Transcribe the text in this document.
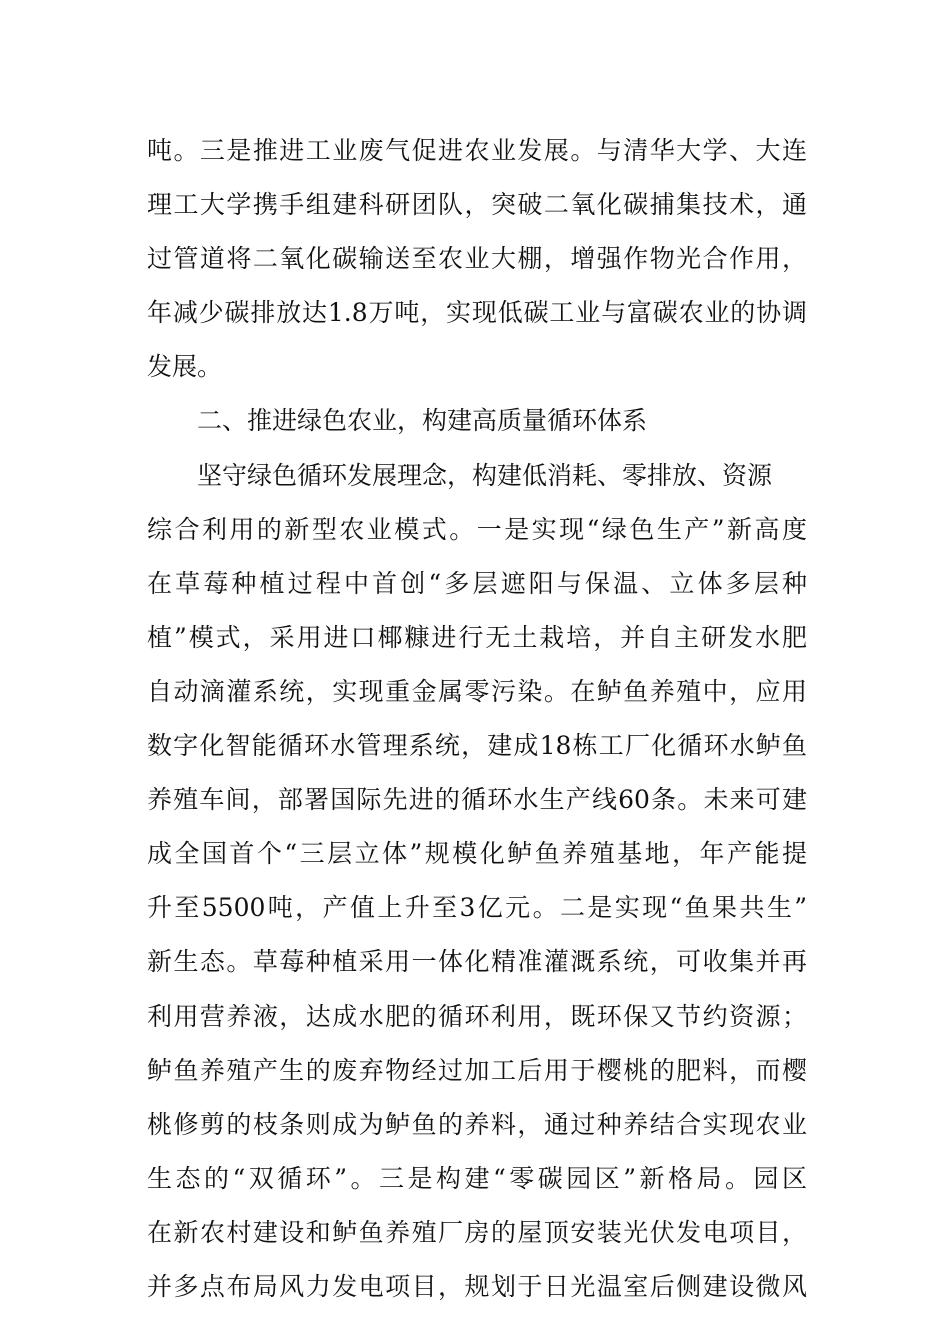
吨。三是推进工业废气促进农业发展。与清华大学、大连
理工大学携手组建科研团队，突破二氧化碳捕集技术，通
过管道将二氧化碳输送至农业大棚，增强作物光合作用，
年减少碳排放达1.8万吨，实现低碳工业与富碳农业的协调
发展。
二、推进绿色农业，构建高质量循环体系
坚守绿色循环发展理念，构建低消耗、零排放、资源
综合利用的新型农业模式。一是实现“绿色生产”新高度
在草莓种植过程中首创“多层遮阳与保温、立体多层种
植”模式，采用进口椰糠进行无土栽培，并自主研发水肥
自动滴灌系统，实现重金属零污染。在鲈鱼养殖中，应用
数字化智能循环水管理系统，建成18栋工厂化循环水鲈鱼
养殖车间，部署国际先进的循环水生产线60条。未来可建
成全国首个“三层立体”规模化鲈鱼养殖基地，年产能提
升至5500吨，产值上升至3亿元。二是实现“鱼果共生”
新生态。草莓种植采用一体化精准灌溉系统，可收集并再
利用营养液，达成水肥的循环利用，既环保又节约资源；
鲈鱼养殖产生的废弃物经过加工后用于樱桃的肥料，而樱
桃修剪的枝条则成为鲈鱼的养料，通过种养结合实现农业
生态的“双循环”。三是构建“零碳园区”新格局。园区
在新农村建设和鲈鱼养殖厂房的屋顶安装光伏发电项目，
并多点布局风力发电项目，规划于日光温室后侧建设微风
